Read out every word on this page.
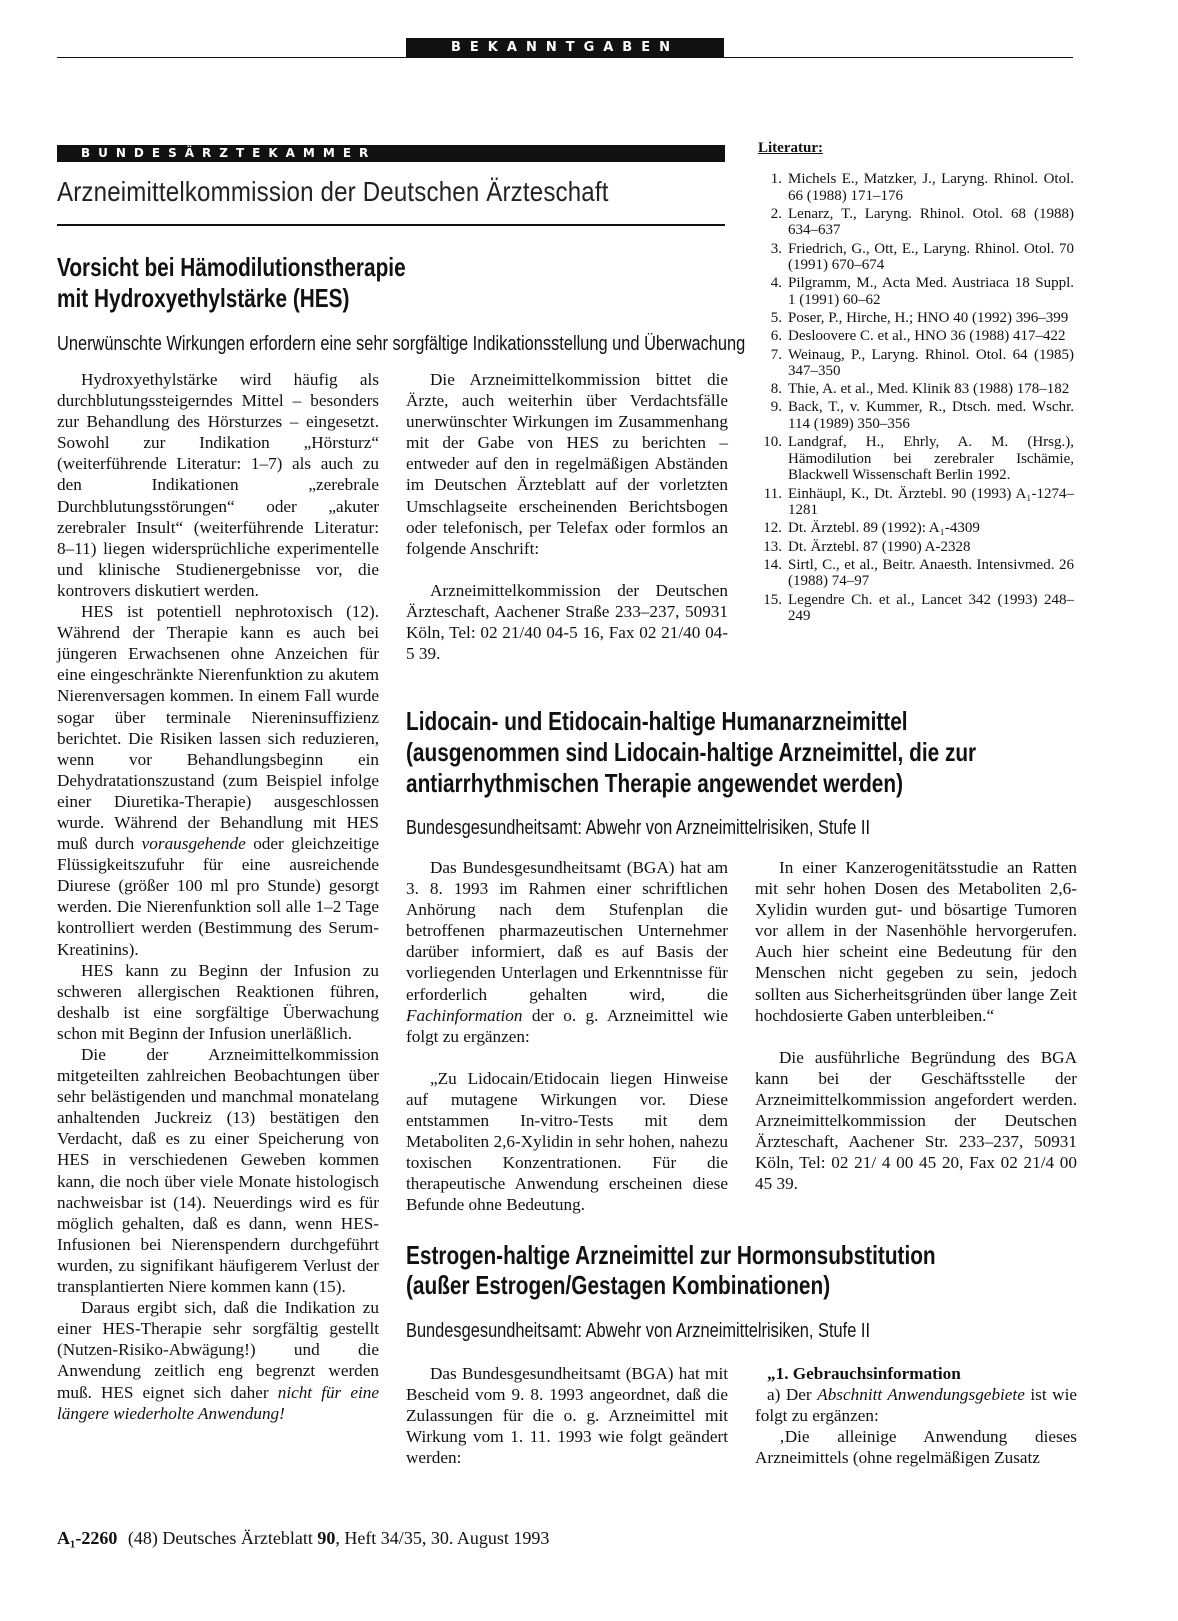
BEKANNTGABEN
BUNDESÄRZTEKAMMER
Arzneimittelkommission der Deutschen Ärzteschaft
Vorsicht bei Hämodilutionstherapie
mit Hydroxyethylstärke (HES)
Unerwünschte Wirkungen erfordern eine sehr sorgfältige Indikationsstellung und Überwachung

Hydroxyethylstärke wird häufig als durchblutungssteigerndes Mittel – besonders zur Behandlung des Hörsturzes – eingesetzt. Sowohl zur Indikation „Hörsturz“ (weiterführende Literatur: 1–7) als auch zu den Indikationen „zerebrale Durchblutungsstörungen“ oder „akuter zerebraler Insult“ (weiterführende Literatur: 8–11) liegen widersprüchliche experimentelle und klinische Studienergebnisse vor, die kontrovers diskutiert werden.

HES ist potentiell nephrotoxisch (12). Während der Therapie kann es auch bei jüngeren Erwachsenen ohne Anzeichen für eine eingeschränkte Nierenfunktion zu akutem Nierenversagen kommen. In einem Fall wurde sogar über terminale Niereninsuffizienz berichtet. Die Risiken lassen sich reduzieren, wenn vor Behandlungsbeginn ein Dehydratationszustand (zum Beispiel infolge einer Diuretika-Therapie) ausgeschlossen wurde. Während der Behandlung mit HES muß durch vorausgehende oder gleichzeitige Flüssigkeitszufuhr für eine ausreichende Diurese (größer 100 ml pro Stunde) gesorgt werden. Die Nierenfunktion soll alle 1–2 Tage kontrolliert werden (Bestimmung des Serum-Kreatinins).

HES kann zu Beginn der Infusion zu schweren allergischen Reaktionen führen, deshalb ist eine sorgfältige Überwachung schon mit Beginn der Infusion unerläßlich.

Die der Arzneimittelkommission mitgeteilten zahlreichen Beobachtungen über sehr belästigenden und manchmal monatelang anhaltenden Juckreiz (13) bestätigen den Verdacht, daß es zu einer Speicherung von HES in verschiedenen Geweben kommen kann, die noch über viele Monate histologisch nachweisbar ist (14). Neuerdings wird es für möglich gehalten, daß es dann, wenn HES-Infusionen bei Nierenspendern durchgeführt wurden, zu signifikant häufigerem Verlust der transplantierten Niere kommen kann (15).

Daraus ergibt sich, daß die Indikation zu einer HES-Therapie sehr sorgfältig gestellt (Nutzen-Risiko-Abwägung!) und die Anwendung zeitlich eng begrenzt werden muß. HES eignet sich daher nicht für eine längere wiederholte Anwendung!

Die Arzneimittelkommission bittet die Ärzte, auch weiterhin über Verdachtsfälle unerwünschter Wirkungen im Zusammenhang mit der Gabe von HES zu berichten – entweder auf den in regelmäßigen Abständen im Deutschen Ärzteblatt auf der vorletzten Umschlagseite erscheinenden Berichtsbogen oder telefonisch, per Telefax oder formlos an folgende Anschrift:

Arzneimittelkommission der Deutschen Ärzteschaft, Aachener Straße 233–237, 50931 Köln, Tel: 02 21/40 04-5 16, Fax 02 21/40 04-5 39.

Literatur:
1. Michels E., Matzker, J., Laryng. Rhinol. Otol. 66 (1988) 171–176
2. Lenarz, T., Laryng. Rhinol. Otol. 68 (1988) 634–637
3. Friedrich, G., Ott, E., Laryng. Rhinol. Otol. 70 (1991) 670–674
4. Pilgramm, M., Acta Med. Austriaca 18 Suppl. 1 (1991) 60–62
5. Poser, P., Hirche, H.; HNO 40 (1992) 396–399
6. Desloovere C. et al., HNO 36 (1988) 417–422
7. Weinaug, P., Laryng. Rhinol. Otol. 64 (1985) 347–350
8. Thie, A. et al., Med. Klinik 83 (1988) 178–182
9. Back, T., v. Kummer, R., Dtsch. med. Wschr. 114 (1989) 350–356
10. Landgraf, H., Ehrly, A. M. (Hrsg.), Hämodilution bei zerebraler Ischämie, Blackwell Wissenschaft Berlin 1992.
11. Einhäupl, K., Dt. Ärztebl. 90 (1993) A₁-1274–1281
12. Dt. Ärztebl. 89 (1992): A₁-4309
13. Dt. Ärztebl. 87 (1990) A-2328
14. Sirtl, C., et al., Beitr. Anaesth. Intensivmed. 26 (1988) 74–97
15. Legendre Ch. et al., Lancet 342 (1993) 248–249
Lidocain- und Etidocain-haltige Humanarzneimittel
(ausgenommen sind Lidocain-haltige Arzneimittel, die zur
antiarrhythmischen Therapie angewendet werden)
Bundesgesundheitsamt: Abwehr von Arzneimittelrisiken, Stufe II

Das Bundesgesundheitsamt (BGA) hat am 3. 8. 1993 im Rahmen einer schriftlichen Anhörung nach dem Stufenplan die betroffenen pharmazeutischen Unternehmer darüber informiert, daß es auf Basis der vorliegenden Unterlagen und Erkenntnisse für erforderlich gehalten wird, die Fachinformation der o. g. Arzneimittel wie folgt zu ergänzen:

„Zu Lidocain/Etidocain liegen Hinweise auf mutagene Wirkungen vor. Diese entstammen In-vitro-Tests mit dem Metaboliten 2,6-Xylidin in sehr hohen, nahezu toxischen Konzentrationen. Für die therapeutische Anwendung erscheinen diese Befunde ohne Bedeutung.

In einer Kanzerogenitätsstudie an Ratten mit sehr hohen Dosen des Metaboliten 2,6-Xylidin wurden gut- und bösartige Tumoren vor allem in der Nasenhöhle hervorgerufen. Auch hier scheint eine Bedeutung für den Menschen nicht gegeben zu sein, jedoch sollten aus Sicherheitsgründen über lange Zeit hochdosierte Gaben unterbleiben.“

Die ausführliche Begründung des BGA kann bei der Geschäftsstelle der Arzneimittelkommission angefordert werden. Arzneimittelkommission der Deutschen Ärzteschaft, Aachener Str. 233–237, 50931 Köln, Tel: 02 21/ 4 00 45 20, Fax 02 21/4 00 45 39.

Estrogen-haltige Arzneimittel zur Hormonsubstitution
(außer Estrogen/Gestagen Kombinationen)
Bundesgesundheitsamt: Abwehr von Arzneimittelrisiken, Stufe II

Das Bundesgesundheitsamt (BGA) hat mit Bescheid vom 9. 8. 1993 angeordnet, daß die Zulassungen für die o. g. Arzneimittel mit Wirkung vom 1. 11. 1993 wie folgt geändert werden:

„1. Gebrauchsinformation

a) Der Abschnitt Anwendungsgebiete ist wie folgt zu ergänzen:

‚Die alleinige Anwendung dieses Arzneimittels (ohne regelmäßigen Zusatz

A₁-2260 (48) Deutsches Ärzteblatt 90, Heft 34/35, 30. August 1993
